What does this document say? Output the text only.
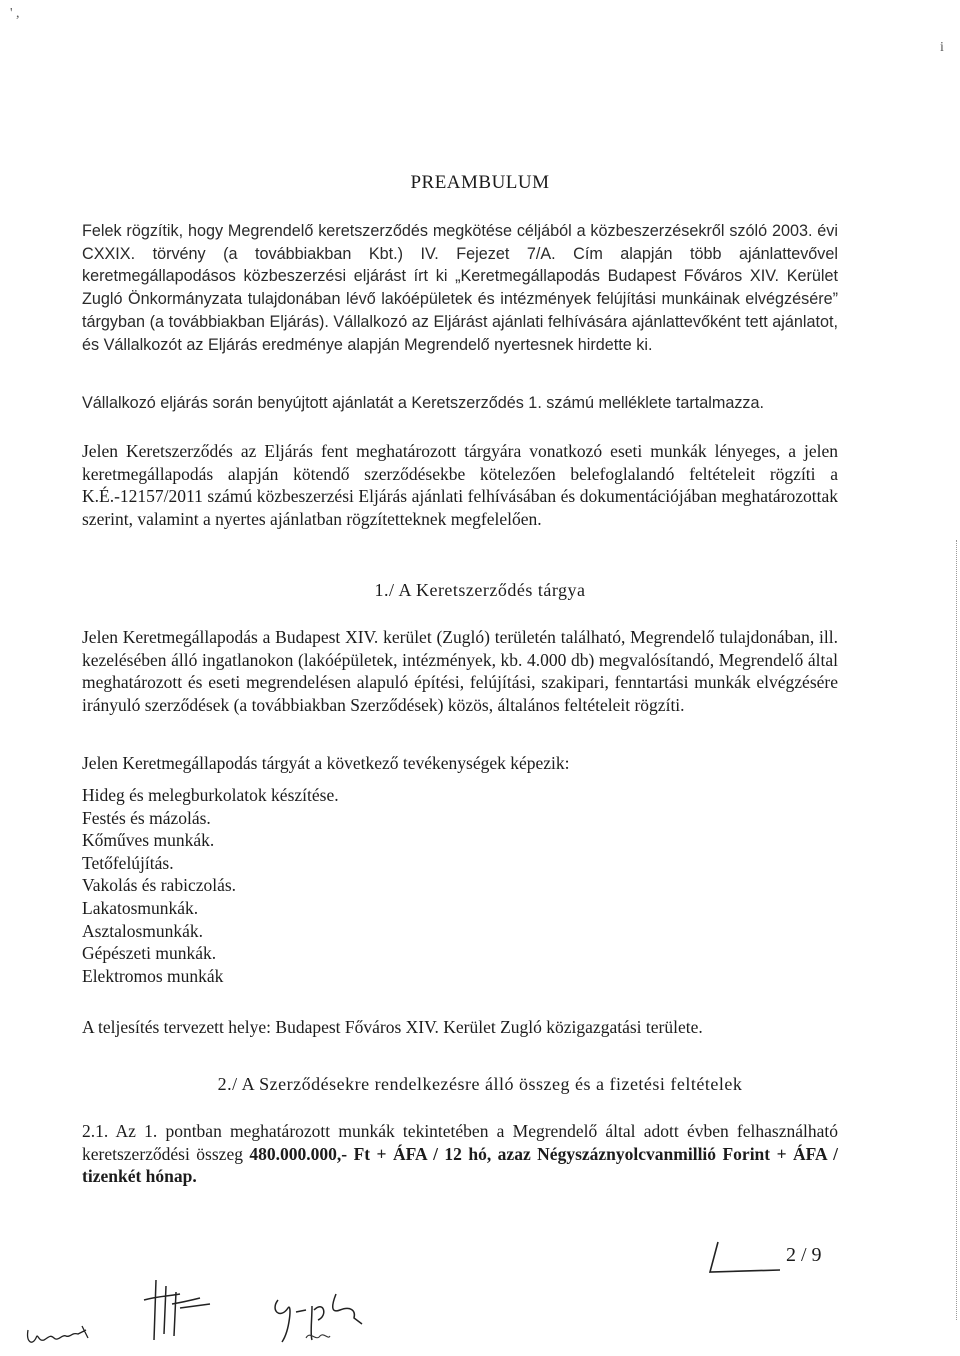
' ,
i
PREAMBULUM
Felek rögzítik, hogy Megrendelő keretszerződés megkötése céljából a közbeszerzésekről szóló 2003. évi CXXIX. törvény (a továbbiakban Kbt.) IV. Fejezet 7/A. Cím alapján több ajánlattevővel keretmegállapodásos közbeszerzési eljárást írt ki „Keretmegállapodás Budapest Főváros XIV. Kerület Zugló Önkormányzata tulajdonában lévő lakóépületek és intézmények felújítási munkáinak elvégzésére” tárgyban (a továbbiakban Eljárás). Vállalkozó az Eljárást ajánlati felhívására ajánlattevőként tett ajánlatot, és Vállalkozót az Eljárás eredménye alapján Megrendelő nyertesnek hirdette ki.
Vállalkozó eljárás során benyújtott ajánlatát a Keretszerződés 1. számú melléklete tartalmazza.
Jelen Keretszerződés az Eljárás fent meghatározott tárgyára vonatkozó eseti munkák lényeges, a jelen keretmegállapodás alapján kötendő szerződésekbe kötelezően belefoglalandó feltételeit rögzíti a K.É.-12157/2011 számú közbeszerzési Eljárás ajánlati felhívásában és dokumentációjában meghatározottak szerint, valamint a nyertes ajánlatban rögzítetteknek megfelelően.
1./ A Keretszerződés tárgya
Jelen Keretmegállapodás a Budapest XIV. kerület (Zugló) területén található, Megrendelő tulajdonában, ill. kezelésében álló ingatlanokon (lakóépületek, intézmények, kb. 4.000 db) megvalósítandó, Megrendelő által meghatározott és eseti megrendelésen alapuló építési, felújítási, szakipari, fenntartási munkák elvégzésére irányuló szerződések (a továbbiakban Szerződések) közös, általános feltételeit rögzíti.
Jelen Keretmegállapodás tárgyát a következő tevékenységek képezik:
Hideg és melegburkolatok készítése.
Festés és mázolás.
Kőműves munkák.
Tetőfelújítás.
Vakolás és rabiczolás.
Lakatosmunkák.
Asztalosmunkák.
Gépészeti munkák.
Elektromos munkák
A teljesítés tervezett helye: Budapest Főváros XIV. Kerület Zugló közigazgatási területe.
2./ A Szerződésekre rendelkezésre álló összeg és a fizetési feltételek
2.1. Az 1. pontban meghatározott munkák tekintetében a Megrendelő által adott évben felhasználható keretszerződési összeg 480.000.000,- Ft + ÁFA / 12 hó, azaz Négyszáznyolcvanmillió Forint + ÁFA / tizenkét hónap.
2 / 9
